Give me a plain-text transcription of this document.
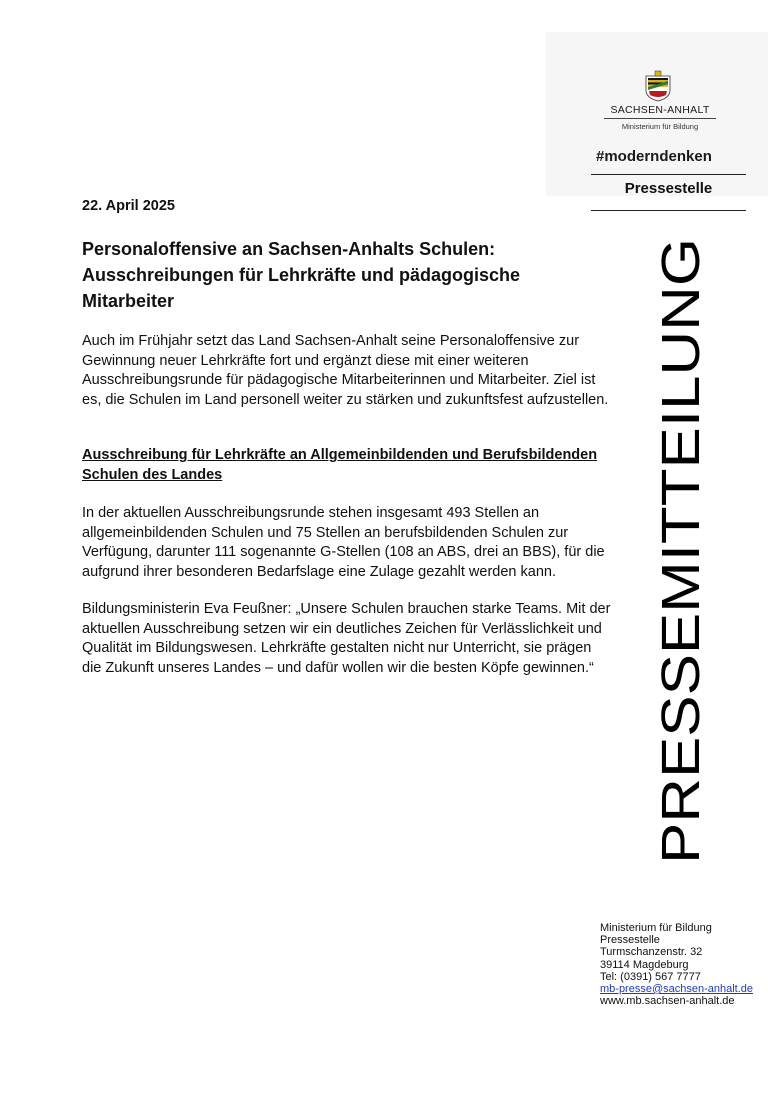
SACHSEN-ANHALT
Ministerium für Bildung
#moderndenken
Pressestelle
PRESSEMITTEILUNG
22. April 2025
Personaloffensive an Sachsen-Anhalts Schulen: Ausschreibungen für Lehrkräfte und pädagogische Mitarbeiter

Auch im Frühjahr setzt das Land Sachsen-Anhalt seine Personaloffensive zur Gewinnung neuer Lehrkräfte fort und ergänzt diese mit einer weiteren Ausschreibungsrunde für pädagogische Mitarbeiterinnen und Mitarbeiter. Ziel ist es, die Schulen im Land personell weiter zu stärken und zukunftsfest aufzustellen.

Ausschreibung für Lehrkräfte an Allgemeinbildenden und Berufsbildenden Schulen des Landes

In der aktuellen Ausschreibungsrunde stehen insgesamt 493 Stellen an allgemeinbildenden Schulen und 75 Stellen an berufsbildenden Schulen zur Verfügung, darunter 111 sogenannte G-Stellen (108 an ABS, drei an BBS), für die aufgrund ihrer besonderen Bedarfslage eine Zulage gezahlt werden kann.

Bildungsministerin Eva Feußner: „Unsere Schulen brauchen starke Teams. Mit der aktuellen Ausschreibung setzen wir ein deutliches Zeichen für Verlässlichkeit und Qualität im Bildungswesen. Lehrkräfte gestalten nicht nur Unterricht, sie prägen die Zukunft unseres Landes – und dafür wollen wir die besten Köpfe gewinnen.“

Ministerium für Bildung
Pressestelle
Turmschanzenstr. 32
39114 Magdeburg
Tel: (0391) 567 7777
mb-presse@sachsen-anhalt.de
www.mb.sachsen-anhalt.de
